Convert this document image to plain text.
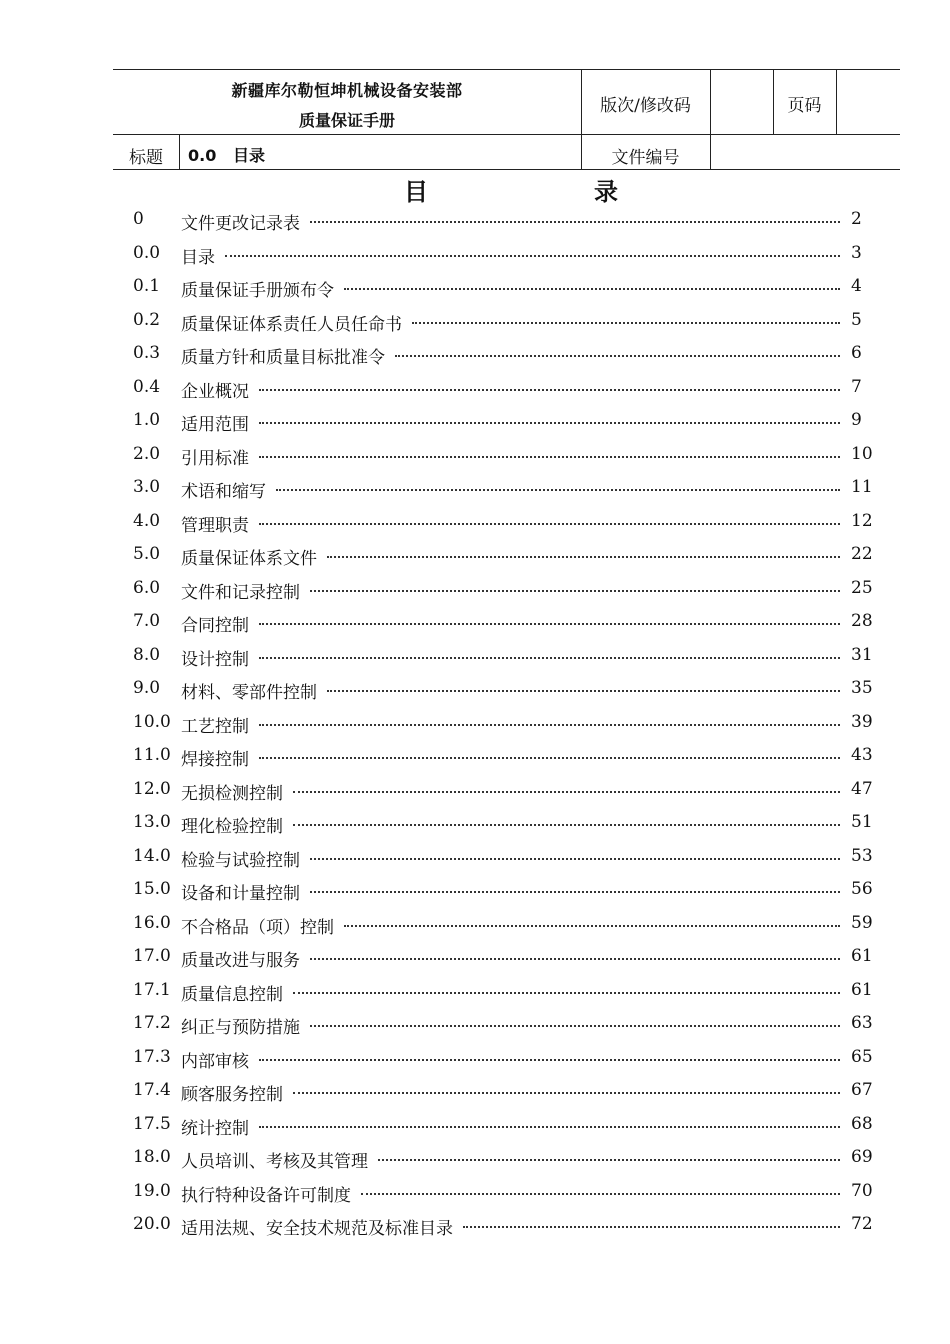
新疆库尔勒恒坤机械设备安装部
质量保证手册
版次/修改码	页码
标题	0.0   目录	文件编号
目	录
0 文件更改记录表	2
0.0 目录	3
0.1 质量保证手册颁布令	4
0.2 质量保证体系责任人员任命书	5
0.3 质量方针和质量目标批准令	6
0.4 企业概况	7
1.0 适用范围	9
2.0 引用标准	10
3.0 术语和缩写	11
4.0 管理职责	12
5.0 质量保证体系文件	22
6.0 文件和记录控制	25
7.0 合同控制	28
8.0 设计控制	31
9.0 材料、零部件控制	35
10.0 工艺控制	39
11.0 焊接控制	43
12.0 无损检测控制	47
13.0 理化检验控制	51
14.0 检验与试验控制	53
15.0 设备和计量控制	56
16.0 不合格品（项）控制	59
17.0 质量改进与服务	61
17.1 质量信息控制	61
17.2 纠正与预防措施	63
17.3 内部审核	65
17.4 顾客服务控制	67
17.5 统计控制	68
18.0 人员培训、考核及其管理	69
19.0 执行特种设备许可制度	70
20.0 适用法规、安全技术规范及标准目录	72
